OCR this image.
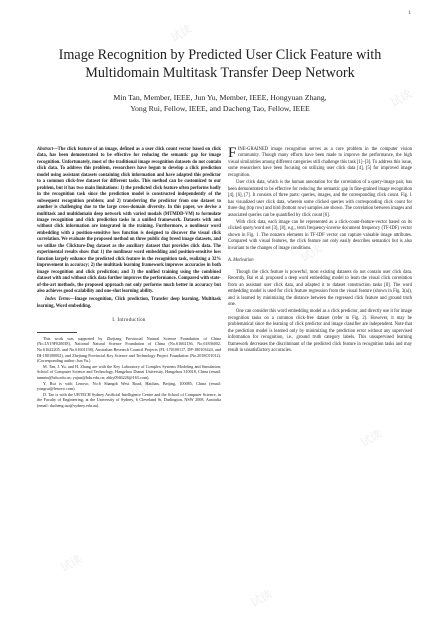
试读
试读
试读
试读
试读
试读
试读
试读
1
Image Recognition by Predicted User Click Feature with Multidomain Multitask Transfer Deep Network
Min Tan, Member, IEEE, Jun Yu, Member, IEEE, Hongyuan Zhang,
Yong Rui, Fellow, IEEE, and Dacheng Tao, Fellow, IEEE

Abstract—The click feature of an image, defined as a user click count vector based on click data, has been demonstrated to be effective for reducing the semantic gap for image recognition. Unfortunately, most of the traditional image recognition datasets do not contain click data. To address this problem, researchers have begun to develop a click prediction model using assistant datasets containing click information and have adapted this predictor to a common click-free dataset for different tasks. This method can be customized to our problem, but it has two main limitations: 1) the predicted click feature often performs badly in the recognition task since the prediction model is constructed independently of the subsequent recognition problem; and 2) transferring the predictor from one dataset to another is challenging due to the large cross-domain diversity. In this paper, we devise a multitask and multidomain deep network with varied modals (MTMDD-VM) to formulate image recognition and click prediction tasks in a unified framework. Datasets with and without click information are integrated in the training. Furthermore, a nonlinear word embedding with a position-sensitive loss function is designed to discover the visual click correlation. We evaluate the proposed method on three public dog breed image datasets, and we utilize the Clickture-Dog dataset as the auxiliary dataset that provides click data. The experimental results show that 1) the nonlinear word embedding and position-sensitive loss function largely enhance the predicted click feature in the recognition task, realizing a 32% improvement in accuracy; 2) the multitask learning framework improves accuracies in both image recognition and click prediction; and 3) the unified training using the combined dataset with and without click data further improves the performance. Compared with state-of-the-art methods, the proposed approach not only performs much better in accuracy but also achieves good scalability and one-shot learning ability.

Index Terms—Image recognition, Click prediction, Transfer deep learning, Multitask learning, Word embedding.

I. Introduction

This work was supported by Zhejiang Provincial Natural Science Foundation of China (No.LY19F020038), National Natural Science Foundation of China (No.61602136, No.61836002, No.61622205, and No.61601158), Australian Research Council Projects (FL-170100117, DP-180103424, and IH-180100002), and Zhejiang Provincial Key Science and Technology Project Foundation (No.2018C01012). (Corresponding author: Jun Yu.)

M. Tan, J. Yu, and H. Zhang are with the Key Laboratory of Complex Systems Modeling and Simulation, School of Computer Science and Technology, Hangzhou Dianzi University, Hangzhou 310018, China (email: tanmin@hdu.edu.cn; yujun@hdu.edu.cn; zhhy0946226@163.com).

Y. Rui is with Lenovo, No.6 Shangdi West Road, Haidian, Beijing, 100085, China (email: yongrui@lenovo.com).

D. Tao is with the UBTECH Sydney Artificial Intelligence Centre and the School of Computer Science, in the Faculty of Engineering, at the University of Sydney, 6 Cleveland St, Darlington, NSW 2008, Australia (email: dacheng.tao@sydney.edu.au).

FINE-GRAINED image recognition serves as a core problem in the computer vision community. Though many efforts have been made to improve the performance, the high visual similarities among different categories still challenge this task [1]–[3]. To address this issue, some researchers have been focusing on utilizing user click data [4], [5] for improved image recognition.

User click data, which is the human annotation for the correlation of a query-image pair, has been demonstrated to be effective for reducing the semantic gap in fine-grained image recognition [4], [6], [7]. It consists of three parts: queries, images, and the corresponding click count. Fig. 1 has visualized user click data, wherein some clicked queries with corresponding click count for three dog (top row) and bird (bottom row) samples are shown. The correlation between images and associated queries can be quantified by click count [6].

With click data, each image can be represented as a click-count-feature-vector based on its clicked query/word set [3], [8], e.g., term frequency-inverse document frequency (TF-IDF) vector shown in Fig. 1. The nonzero elements in TF-IDF vector can capture valuable image attributes. Compared with visual features, the click feature not only easily describes semantics but is also invariant to the changes of image conditions.

A. Motivation

Though the click feature is powerful, most existing datasets do not contain user click data. Recently, Bai et al. proposed a deep word embedding model to learn the visual click correlation from an assistant user click data, and adapted it to dataset construction tasks [8]. The word embedding model is used for click feature regression from the visual feature (shown in Fig. 3(a)), and is learned by minimizing the distance between the regressed click feature and ground truth one.

One can consider this word embedding model as a click predictor, and directly use it for image recognition tasks on a common click-free dataset (refer to Fig. 2). However, it may be problematical since the learning of click predictor and image classifier are independent. Note that the prediction model is learned only by minimizing the prediction error without any supervised information for recognition, i.e., ground truth category labels. This unsupervised learning framework decreases the discriminant of the predicted click feature in recognition tasks and may result in unsatisfactory accuracies.
